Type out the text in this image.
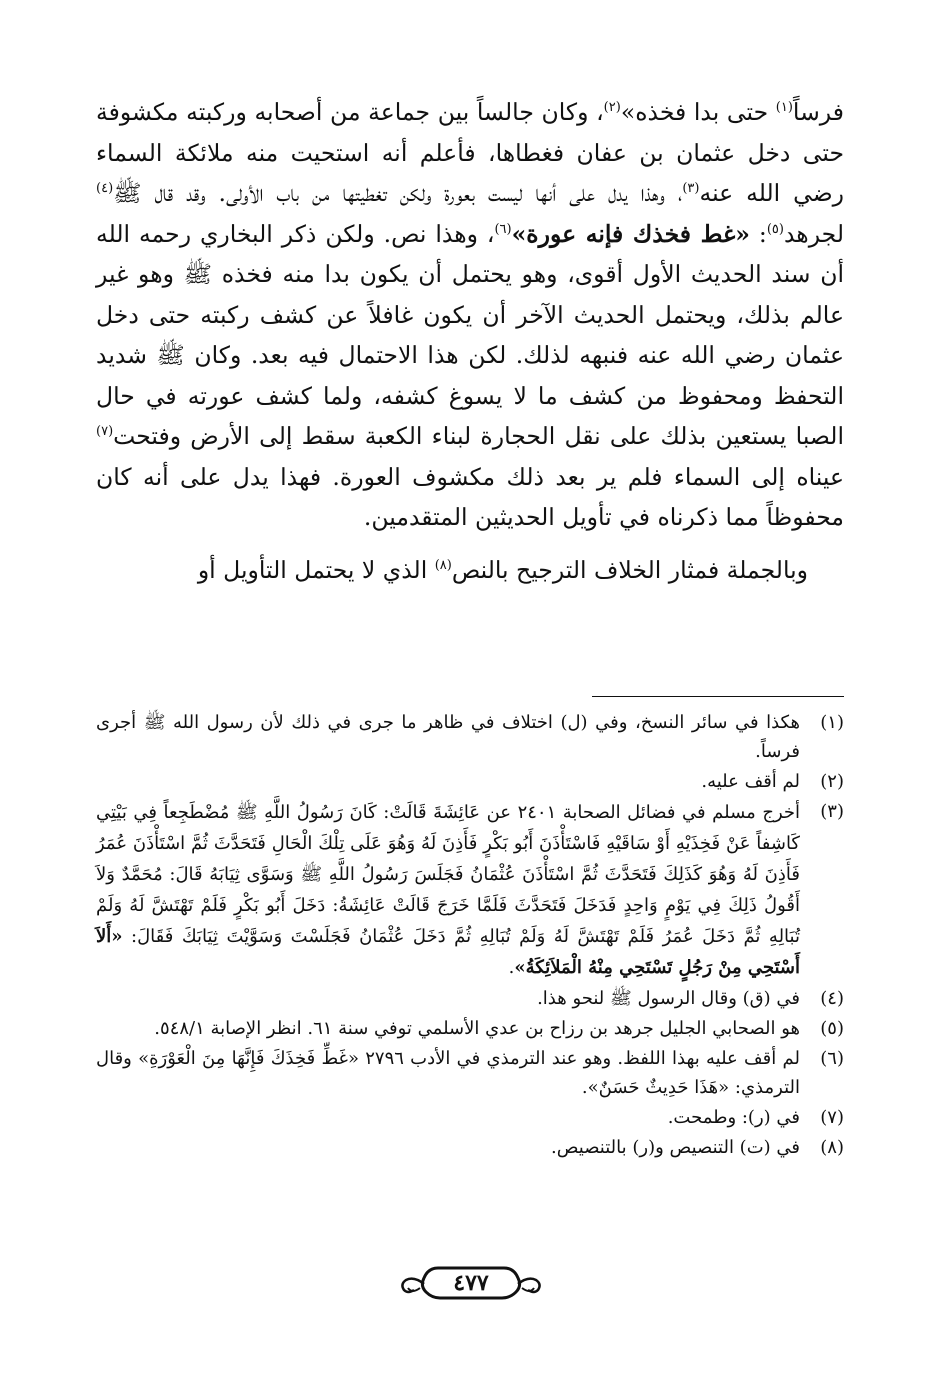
فرساً$^{(١)}$ حتى بدا فخذه»$^{(٢)}$، وكان جالساً بين جماعة من أصحابه وركبته مكشوفة حتى دخل عثمان بن عفان فغطاها، فأعلم أنه استحيت منه ملائكة السماء رضي الله عنه$^{(٣)}$، وهذا يدل على أنها ليست بعورة ولكن تغطيتها من باب الأولى. وقد قال ﷺ$^{(٤)}$ لجرهد$^{(٥)}$: «غط فخذك فإنه عورة»$^{(٦)}$، وهذا نص. ولكن ذكر البخاري رحمه الله أن سند الحديث الأول أقوى، وهو يحتمل أن يكون بدا منه فخذه ﷺ وهو غير عالم بذلك، ويحتمل الحديث الآخر أن يكون غافلاً عن كشف ركبته حتى دخل عثمان رضي الله عنه فنبهه لذلك. لكن هذا الاحتمال فيه بعد. وكان ﷺ شديد التحفظ ومحفوظ من كشف ما لا يسوغ كشفه، ولما كشف عورته في حال الصبا يستعين بذلك على نقل الحجارة لبناء الكعبة سقط إلى الأرض وفتحت$^{(٧)}$ عيناه إلى السماء فلم ير بعد ذلك مكشوف العورة. فهذا يدل على أنه كان محفوظاً مما ذكرناه في تأويل الحديثين المتقدمين.

وبالجملة فمثار الخلاف الترجيح بالنص$^{(٨)}$ الذي لا يحتمل التأويل أو

(١)
هكذا في سائر النسخ، وفي (ل) اختلاف في ظاهر ما جرى في ذلك لأن رسول الله ﷺ أجرى فرساً.
(٢)
لم أقف عليه.
(٣)
أخرج مسلم في فضائل الصحابة ٢٤٠١ عن عَائِشَةَ قَالَتْ: كَانَ رَسُولُ اللَّهِ ﷺ مُضْطَجِعاً فِي بَيْتِي كَاشِفاً عَنْ فَخِذَيْهِ أَوْ سَاقَيْهِ فَاسْتَأْذَنَ أَبُو بَكْرٍ فَأَذِنَ لَهُ وَهُوَ عَلَى تِلْكَ الْحَالِ فَتَحَدَّثَ ثُمَّ اسْتَأْذَنَ عُمَرُ فَأَذِنَ لَهُ وَهُوَ كَذَلِكَ فَتَحَدَّثَ ثُمَّ اسْتَأْذَنَ عُثْمَانُ فَجَلَسَ رَسُولُ اللَّهِ ﷺ وَسَوَّى ثِيَابَهُ قَالَ: مُحَمَّدٌ وَلاَ أَقُولُ ذَلِكَ فِي يَوْمٍ وَاحِدٍ فَدَخَلَ فَتَحَدَّثَ فَلَمَّا خَرَجَ قَالَتْ عَائِشَةُ: دَخَلَ أَبُو بَكْرٍ فَلَمْ تَهْتَشَّ لَهُ وَلَمْ تُبَالِهِ ثُمَّ دَخَلَ عُمَرُ فَلَمْ تَهْتَشَّ لَهُ وَلَمْ تُبَالِهِ ثُمَّ دَخَلَ عُثْمَانُ فَجَلَسْتَ وَسَوَّيْتَ ثِيَابَكَ فَقَالَ: «أَلاَ أَسْتَحِي مِنْ رَجُلٍ تَسْتَحِي مِنْهُ الْمَلاَئِكَةُ».
(٤)
في (ق) وقال الرسول ﷺ لنحو هذا.
(٥)
هو الصحابي الجليل جرهد بن رزاح بن عدي الأسلمي توفي سنة ٦١. انظر الإصابة ٥٤٨/١.
(٦)
لم أقف عليه بهذا اللفظ. وهو عند الترمذي في الأدب ٢٧٩٦ «غَطِّ فَخِذَكَ فَإِنَّهَا مِنَ الْعَوْرَةِ» وقال الترمذي: «هَذَا حَدِيثٌ حَسَنٌ».
(٧)
في (ر): وطمحت.
(٨)
في (ت) التنصيص و(ر) بالتنصيص.
٤٧٧
